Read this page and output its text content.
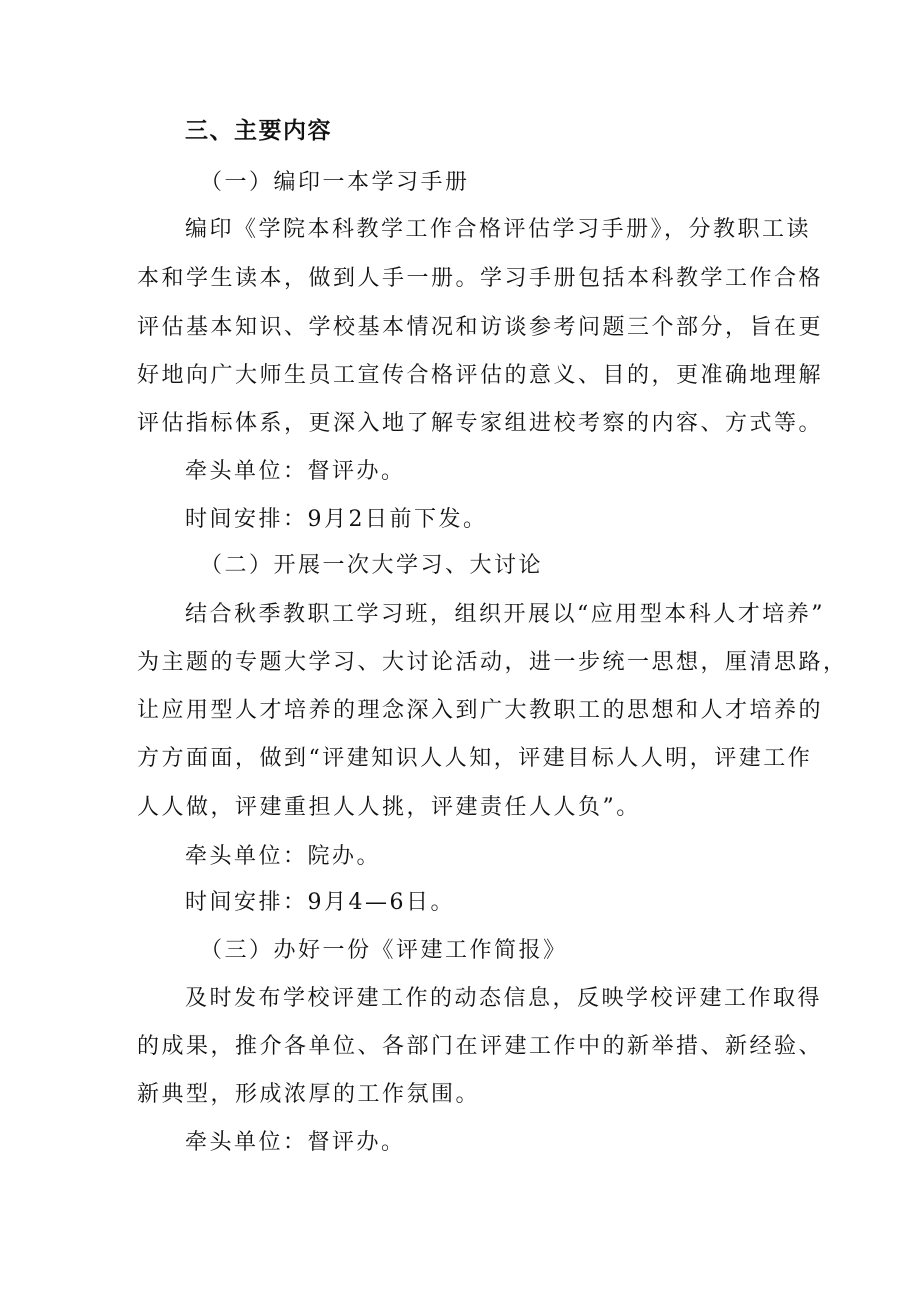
三、主要内容
（一）编印一本学习手册
编印《学院本科教学工作合格评估学习手册》，分教职工读
本和学生读本，做到人手一册。学习手册包括本科教学工作合格
评估基本知识、学校基本情况和访谈参考问题三个部分，旨在更
好地向广大师生员工宣传合格评估的意义、目的，更准确地理解
评估指标体系，更深入地了解专家组进校考察的内容、方式等。
牵头单位：督评办。
时间安排：9月2日前下发。
（二）开展一次大学习、大讨论
结合秋季教职工学习班，组织开展以“应用型本科人才培养”
为主题的专题大学习、大讨论活动，进一步统一思想，厘清思路，
让应用型人才培养的理念深入到广大教职工的思想和人才培养的
方方面面，做到“评建知识人人知，评建目标人人明，评建工作
人人做，评建重担人人挑，评建责任人人负”。
牵头单位：院办。
时间安排：9月4—6日。
（三）办好一份《评建工作简报》
及时发布学校评建工作的动态信息，反映学校评建工作取得
的成果，推介各单位、各部门在评建工作中的新举措、新经验、
新典型，形成浓厚的工作氛围。
牵头单位：督评办。
